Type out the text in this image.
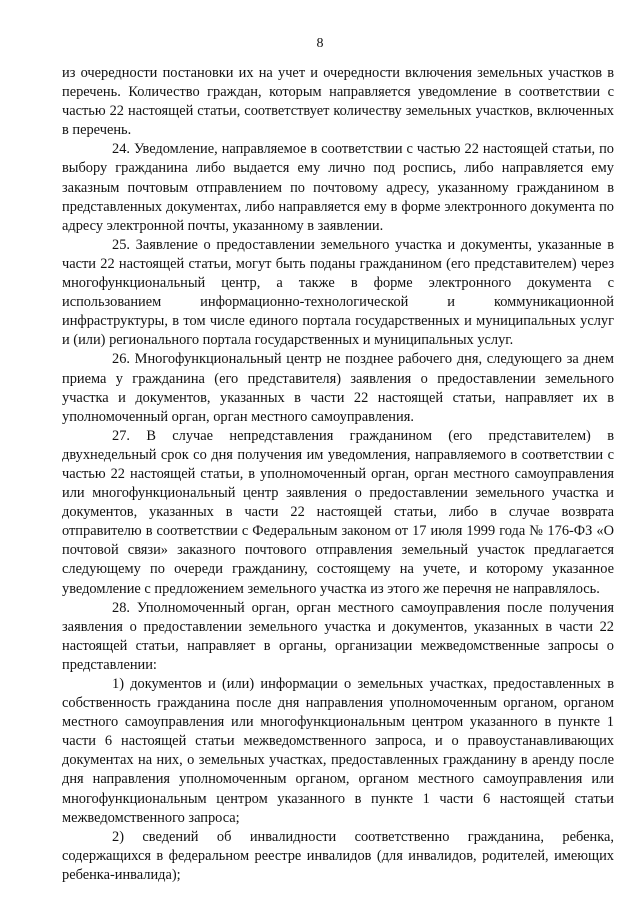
8

из очередности постановки их на учет и очередности включения земельных участков в перечень. Количество граждан, которым направляется уведомление в соответствии с частью 22 настоящей статьи, соответствует количеству земельных участков, включенных в перечень.

24. Уведомление, направляемое в соответствии с частью 22 настоящей статьи, по выбору гражданина либо выдается ему лично под роспись, либо направляется ему заказным почтовым отправлением по почтовому адресу, указанному гражданином в представленных документах, либо направляется ему в форме электронного документа по адресу электронной почты, указанному в заявлении.

25. Заявление о предоставлении земельного участка и документы, указанные в части 22 настоящей статьи, могут быть поданы гражданином (его представителем) через многофункциональный центр, а также в форме электронного документа с использованием информационно-технологической и коммуникационной инфраструктуры, в том числе единого портала государственных и муниципальных услуг и (или) регионального портала государственных и муниципальных услуг.

26. Многофункциональный центр не позднее рабочего дня, следующего за днем приема у гражданина (его представителя) заявления о предоставлении земельного участка и документов, указанных в части 22 настоящей статьи, направляет их в уполномоченный орган, орган местного самоуправления.

27. В случае непредставления гражданином (его представителем) в двухнедельный срок со дня получения им уведомления, направляемого в соответствии с частью 22 настоящей статьи, в уполномоченный орган, орган местного самоуправления или многофункциональный центр заявления о предоставлении земельного участка и документов, указанных в части 22 настоящей статьи, либо в случае возврата отправителю в соответствии с Федеральным законом от 17 июля 1999 года № 176-ФЗ «О почтовой связи» заказного почтового отправления земельный участок предлагается следующему по очереди гражданину, состоящему на учете, и которому указанное уведомление с предложением земельного участка из этого же перечня не направлялось.

28. Уполномоченный орган, орган местного самоуправления после получения заявления о предоставлении земельного участка и документов, указанных в части 22 настоящей статьи, направляет в органы, организации межведомственные запросы о представлении:

1) документов и (или) информации о земельных участках, предоставленных в собственность гражданина после дня направления уполномоченным органом, органом местного самоуправления или многофункциональным центром указанного в пункте 1 части 6 настоящей статьи межведомственного запроса, и о правоустанавливающих документах на них, о земельных участках, предоставленных гражданину в аренду после дня направления уполномоченным органом, органом местного самоуправления или многофункциональным центром указанного в пункте 1 части 6 настоящей статьи межведомственного запроса;

2) сведений об инвалидности соответственно гражданина, ребенка, содержащихся в федеральном реестре инвалидов (для инвалидов, родителей, имеющих ребенка-инвалида);
